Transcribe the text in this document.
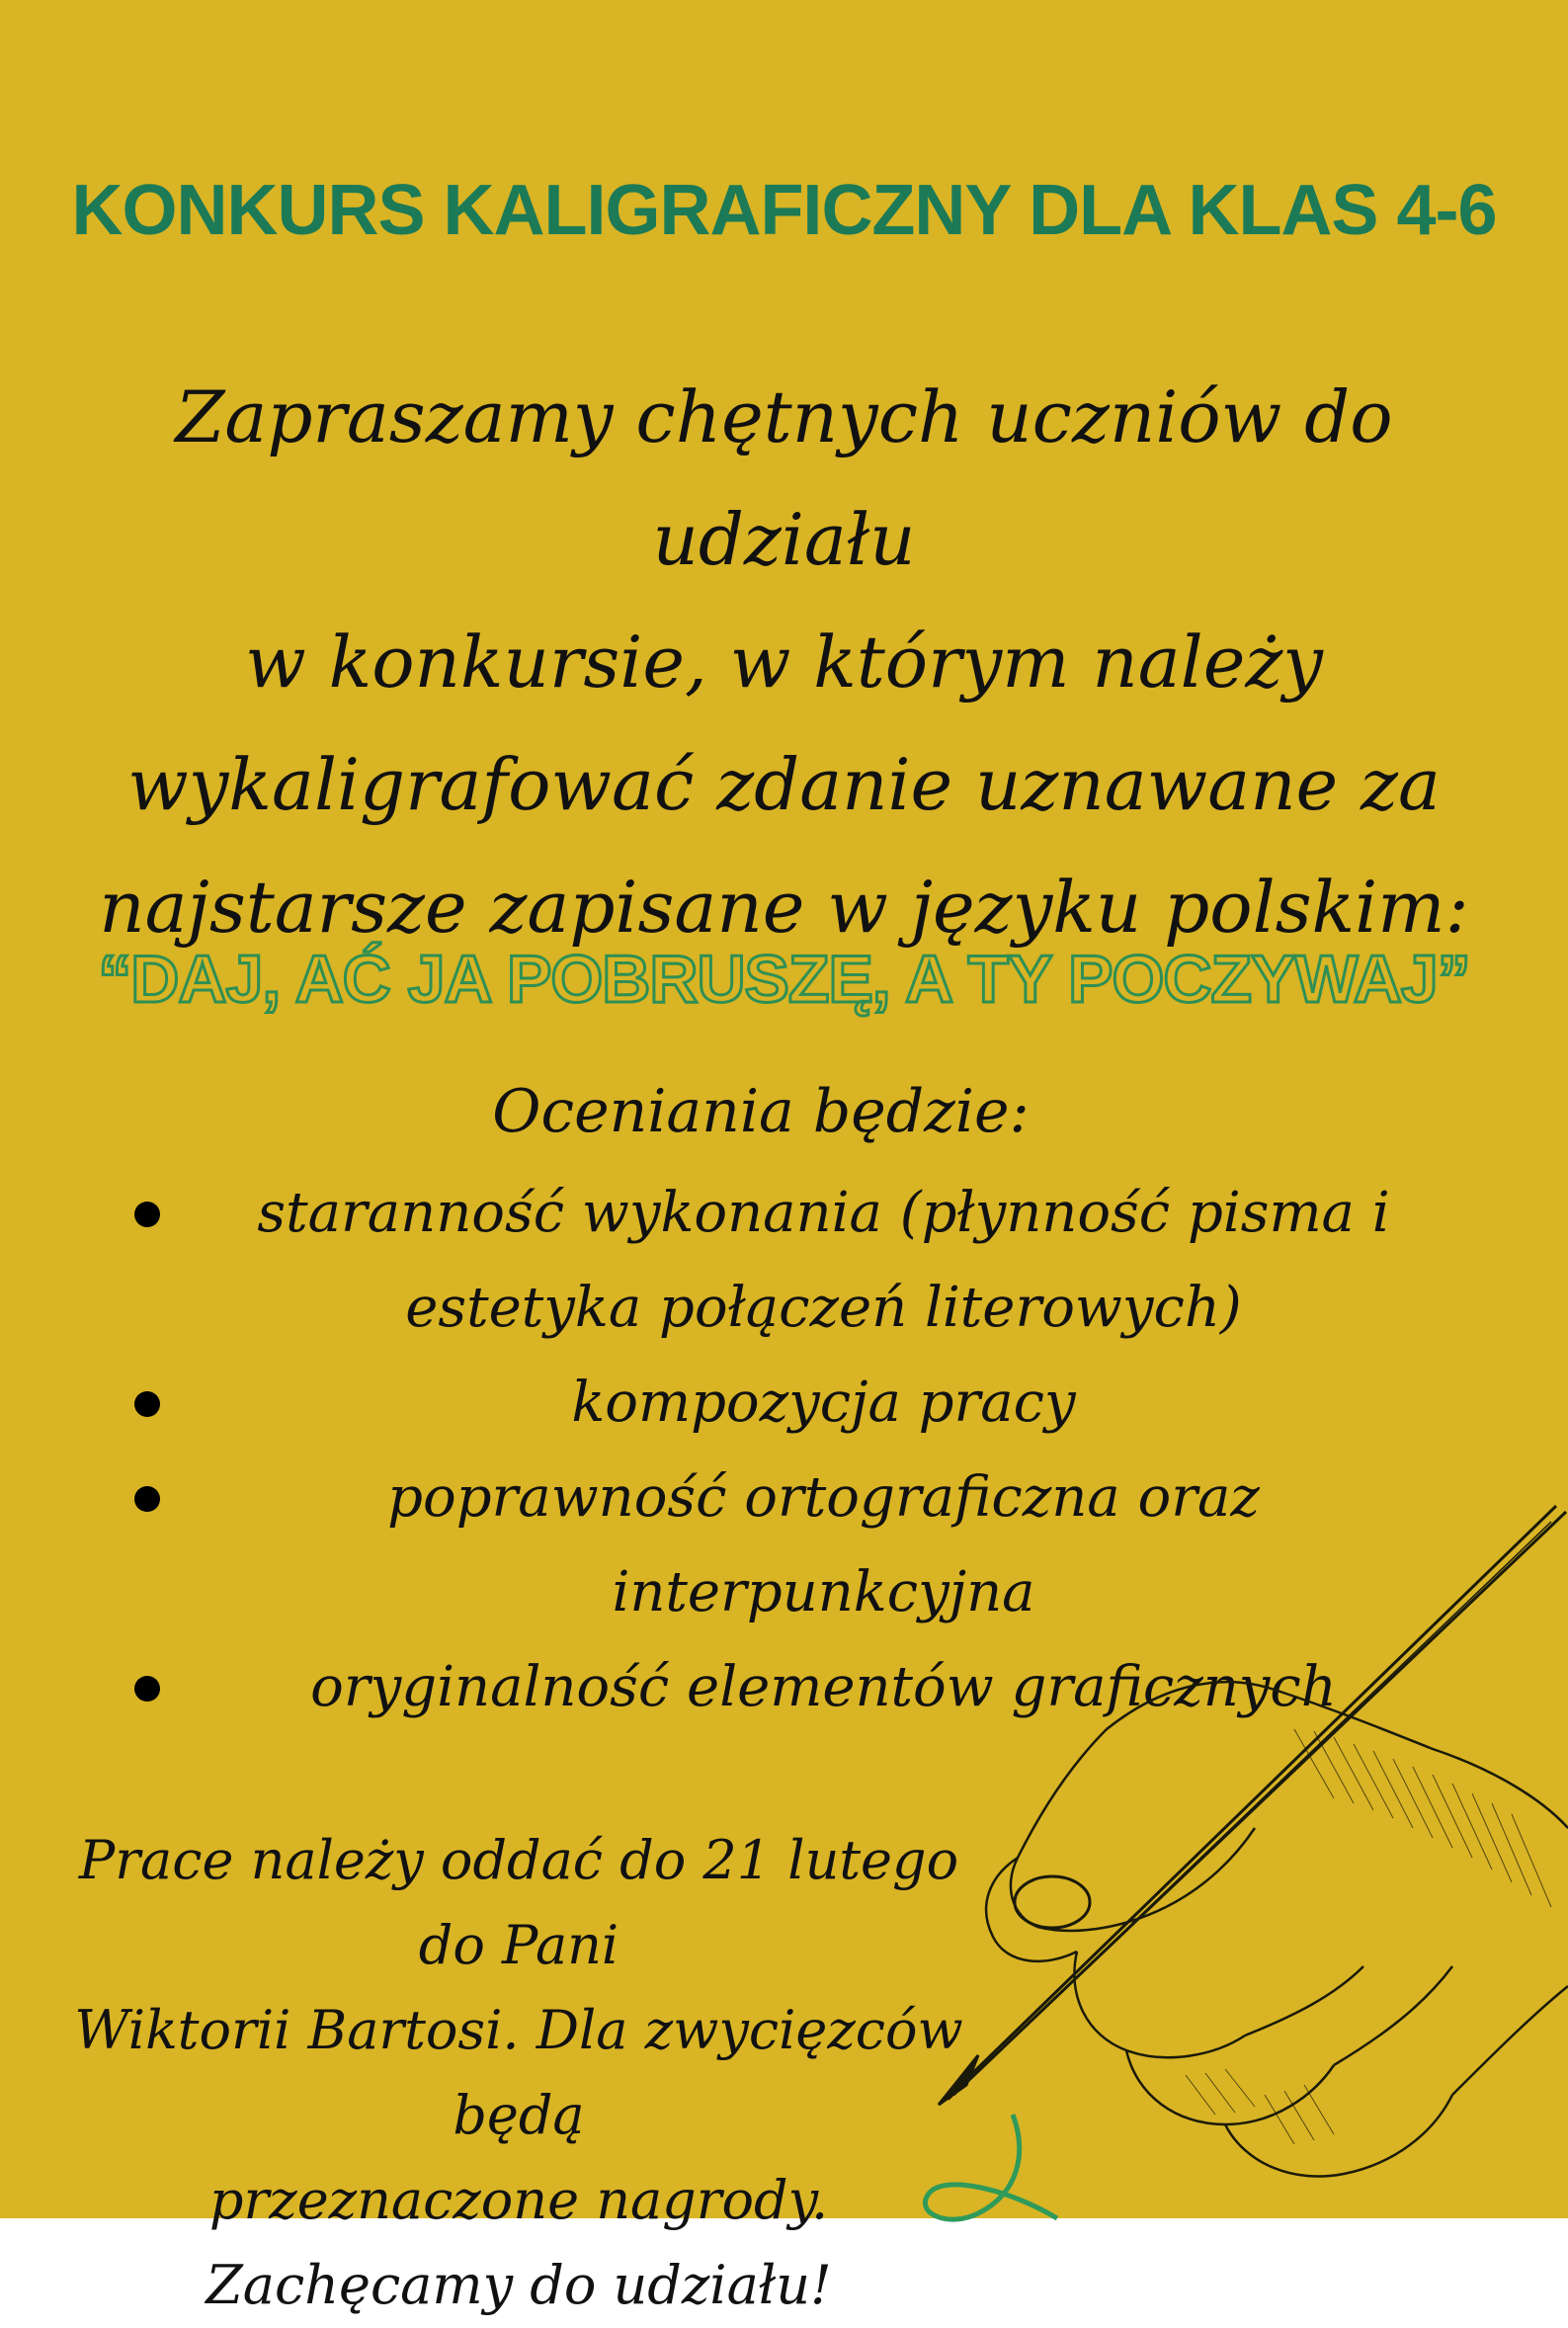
KONKURS KALIGRAFICZNY DLA KLAS 4-6

Zapraszamy chętnych uczniów do udziału
w konkursie, w którym należy
wykaligrafować zdanie uznawane za
najstarsze zapisane w języku polskim:

“DAJ, AĆ JA POBRUSZĘ, A TY POCZYWAJ”

Oceniania będzie:

staranność wykonania (płynność pisma i
estetyka połączeń literowych)
kompozycja pracy
poprawność ortograficzna oraz interpunkcyjna
oryginalność elementów graficznych

Prace należy oddać do 21 lutego do Pani
Wiktorii Bartosi. Dla zwycięzców będą
przeznaczone nagrody.
Zachęcamy do udziału!
